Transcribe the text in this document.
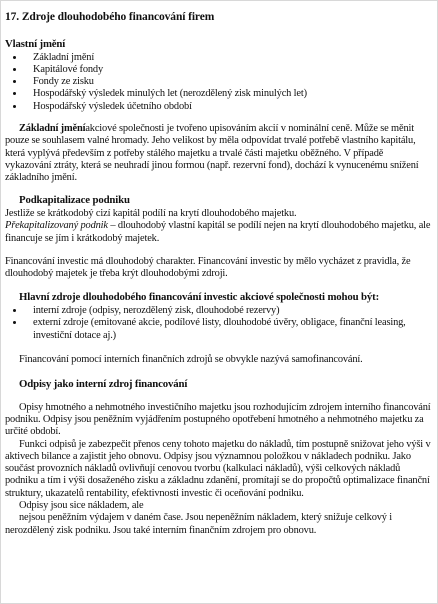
17. Zdroje dlouhodobého financování firem
Vlastní jmění
• Základní jmění
• Kapitálové fondy
• Fondy ze zisku
• Hospodářský výsledek minulých let (nerozdělený zisk minulých let)
• Hospodářský výsledek účetního období

Základní jměníakciové společnosti je tvořeno upisováním akcií v nominální ceně. Může se měnit pouze se souhlasem valné hromady. Jeho velikost by měla odpovídat trvalé potřebě vlastního kapitálu, která vyplývá především z potřeby stálého majetku a trvalé části majetku oběžného. V případě vykazování ztráty, která se neuhradí jinou formou (např. rezervní fond), dochází k vynucenému snížení základního jmění.

Podkapitalizace podniku

Jestliže se krátkodobý cizí kapitál podílí na krytí dlouhodobého majetku.

Překapitalizovaný podnik – dlouhodobý vlastní kapitál se podílí nejen na krytí dlouhodobého majetku, ale financuje se jím i krátkodobý majetek.

Financování investic má dlouhodobý charakter. Financování investic by mělo vycházet z pravidla, že dlouhodobý majetek je třeba krýt dlouhodobými zdroji.

Hlavní zdroje dlouhodobého financování investic akciové společnosti mohou být:
• interní zdroje (odpisy, nerozdělený zisk, dlouhodobé rezervy)
• externí zdroje (emitované akcie, podílové listy, dlouhodobé úvěry, obligace, finanční leasing, investiční dotace aj.)

Financování pomocí interních finančních zdrojů se obvykle nazývá samofinancování.

Odpisy jako interní zdroj financování

Opisy hmotného a nehmotného investičního majetku jsou rozhodujícím zdrojem interního financování podniku. Odpisy jsou peněžním vyjádřením postupného opotřebení hmotného a nehmotného majetku za určité období.

Funkci odpisů je zabezpečit přenos ceny tohoto majetku do nákladů, tím postupně snižovat jeho výši v aktivech bilance a zajistit jeho obnovu. Odpisy jsou významnou položkou v nákladech podniku. Jako součást provozních nákladů ovlivňují cenovou tvorbu (kalkulaci nákladů), výši celkových nákladů podniku a tím i výši dosaženého zisku a základnu zdanění, promítají se do propočtů optimalizace finanční struktury, ukazatelů rentability, efektivnosti investic či oceňování podniku.

Odpisy jsou sice nákladem, ale

nejsou peněžním výdajem v daném čase. Jsou nepeněžním nákladem, který snižuje celkový i nerozdělený zisk podniku. Jsou také interním finančním zdrojem pro obnovu.
